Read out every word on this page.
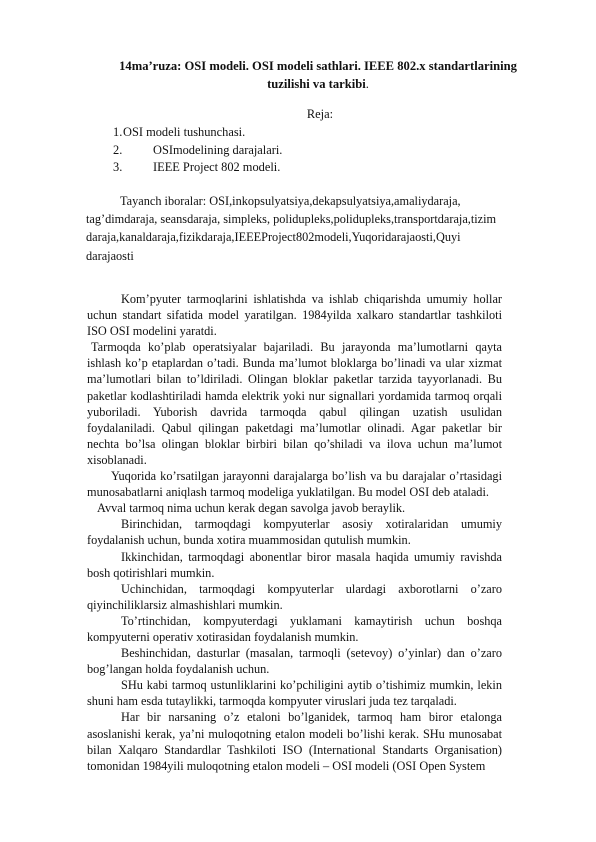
14ma’ruza: OSI modeli. OSI modeli sathlari. IEEE 802.x standartlarining
tuzilishi va tarkibi.
Reja:
1.OSI modeli tushunchasi.
2. OSImodelining darajalari.
3. IEEE Project 802 modeli.
Tayanch iboralar: OSI,inkopsulyatsiya,dekapsulyatsiya,amaliydaraja,
tag’dimdaraja, seansdaraja, simpleks, polidupleks,polidupleks,transportdaraja,tizim
daraja,kanaldaraja,fizikdaraja,IEEEProject802modeli,Yuqoridarajaosti,Quyi
darajaosti

Kom’pyuter tarmoqlarini ishlatishda va ishlab chiqarishda umumiy hollar uchun standart sifatida model yaratilgan. 1984yilda xalkaro standartlar tashkiloti ISO OSI modelini yaratdi.

Tarmoqda ko’plab operatsiyalar bajariladi. Bu jarayonda ma’lumotlarni qayta ishlash ko’p etaplardan o’tadi. Bunda ma’lumot bloklarga bo’linadi va ular xizmat ma’lumotlari bilan to’ldiriladi. Olingan bloklar paketlar tarzida tayyorlanadi. Bu paketlar kodlashtiriladi hamda elektrik yoki nur signallari yordamida tarmoq orqali yuboriladi. Yuborish davrida tarmoqda qabul qilingan uzatish usulidan foydalaniladi. Qabul qilingan paketdagi ma’lumotlar olinadi. Agar paketlar bir nechta bo’lsa olingan bloklar birbiri bilan qo’shiladi va ilova uchun ma’lumot xisoblanadi.

Yuqorida ko’rsatilgan jarayonni darajalarga bo’lish va bu darajalar o’rtasidagi munosabatlarni aniqlash tarmoq modeliga yuklatilgan. Bu model OSI deb ataladi.

Avval tarmoq nima uchun kerak degan savolga javob beraylik.

Birinchidan, tarmoqdagi kompyuterlar asosiy xotiralaridan umumiy foydalanish uchun, bunda xotira muammosidan qutulish mumkin.

Ikkinchidan, tarmoqdagi abonentlar biror masala haqida umumiy ravishda bosh qotirishlari mumkin.

Uchinchidan, tarmoqdagi kompyuterlar ulardagi axborotlarni o’zaro qiyinchiliklarsiz almashishlari mumkin.

To’rtinchidan, kompyuterdagi yuklamani kamaytirish uchun boshqa kompyuterni operativ xotirasidan foydalanish mumkin.

Beshinchidan, dasturlar (masalan, tarmoqli (setevoy) o’yinlar) dan o’zaro bog’langan holda foydalanish uchun.

SHu kabi tarmoq ustunliklarini ko’pchiligini aytib o’tishimiz mumkin, lekin shuni ham esda tutaylikki, tarmoqda kompyuter viruslari juda tez tarqaladi.

Har bir narsaning o’z etaloni bo’lganidek, tarmoq ham biror etalonga asoslanishi kerak, ya’ni muloqotning etalon modeli bo’lishi kerak. SHu munosabat bilan Xalqaro Standardlar Tashkiloti ISO (International Standarts Organisation) tomonidan 1984yili muloqotning etalon modeli – OSI modeli (OSI Open System
